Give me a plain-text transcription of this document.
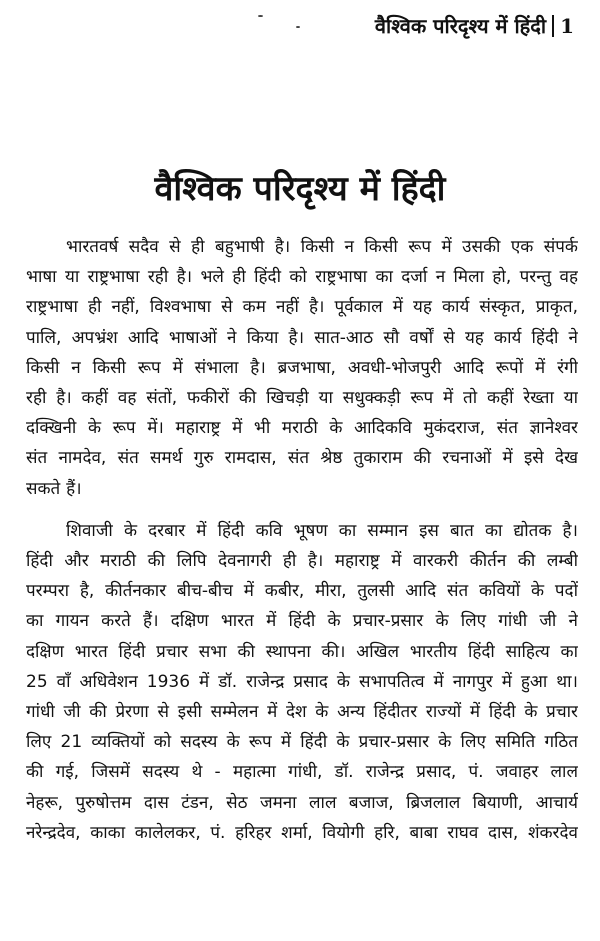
वैश्विक परिदृश्य में हिंदी 1
वैश्विक परिदृश्य में हिंदी

भारतवर्ष सदैव से ही बहुभाषी है। किसी न किसी रूप में उसकी एक संपर्क
भाषा या राष्ट्रभाषा रही है। भले ही हिंदी को राष्ट्रभाषा का दर्जा न मिला हो, परन्तु वह
राष्ट्रभाषा ही नहीं, विश्वभाषा से कम नहीं है। पूर्वकाल में यह कार्य संस्कृत, प्राकृत,
पालि, अपभ्रंश आदि भाषाओं ने किया है। सात-आठ सौ वर्षों से यह कार्य हिंदी ने
किसी न किसी रूप में संभाला है। ब्रजभाषा, अवधी-भोजपुरी आदि रूपों में रंगी
रही है। कहीं वह संतों, फकीरों की खिचड़ी या सधुक्कड़ी रूप में तो कहीं रेख्ता या
दक्खिनी के रूप में। महाराष्ट्र में भी मराठी के आदिकवि मुकंदराज, संत ज्ञानेश्वर
संत नामदेव, संत समर्थ गुरु रामदास, संत श्रेष्ठ तुकाराम की रचनाओं में इसे देख
सकते हैं।

शिवाजी के दरबार में हिंदी कवि भूषण का सम्मान इस बात का द्योतक है।
हिंदी और मराठी की लिपि देवनागरी ही है। महाराष्ट्र में वारकरी कीर्तन की लम्बी
परम्परा है, कीर्तनकार बीच-बीच में कबीर, मीरा, तुलसी आदि संत कवियों के पदों
का गायन करते हैं। दक्षिण भारत में हिंदी के प्रचार-प्रसार के लिए गांधी जी ने
दक्षिण भारत हिंदी प्रचार सभा की स्थापना की। अखिल भारतीय हिंदी साहित्य का
25 वाँ अधिवेशन 1936 में डॉ. राजेन्द्र प्रसाद के सभापतित्व में नागपुर में हुआ था।
गांधी जी की प्रेरणा से इसी सम्मेलन में देश के अन्य हिंदीतर राज्यों में हिंदी के प्रचार
लिए 21 व्यक्तियों को सदस्य के रूप में हिंदी के प्रचार-प्रसार के लिए समिति गठित
की गई, जिसमें सदस्य थे - महात्मा गांधी, डॉ. राजेन्द्र प्रसाद, पं. जवाहर लाल
नेहरू, पुरुषोत्तम दास टंडन, सेठ जमना लाल बजाज, ब्रिजलाल बियाणी, आचार्य
नरेन्द्रदेव, काका कालेलकर, पं. हरिहर शर्मा, वियोगी हरि, बाबा राघव दास, शंकरदेव
